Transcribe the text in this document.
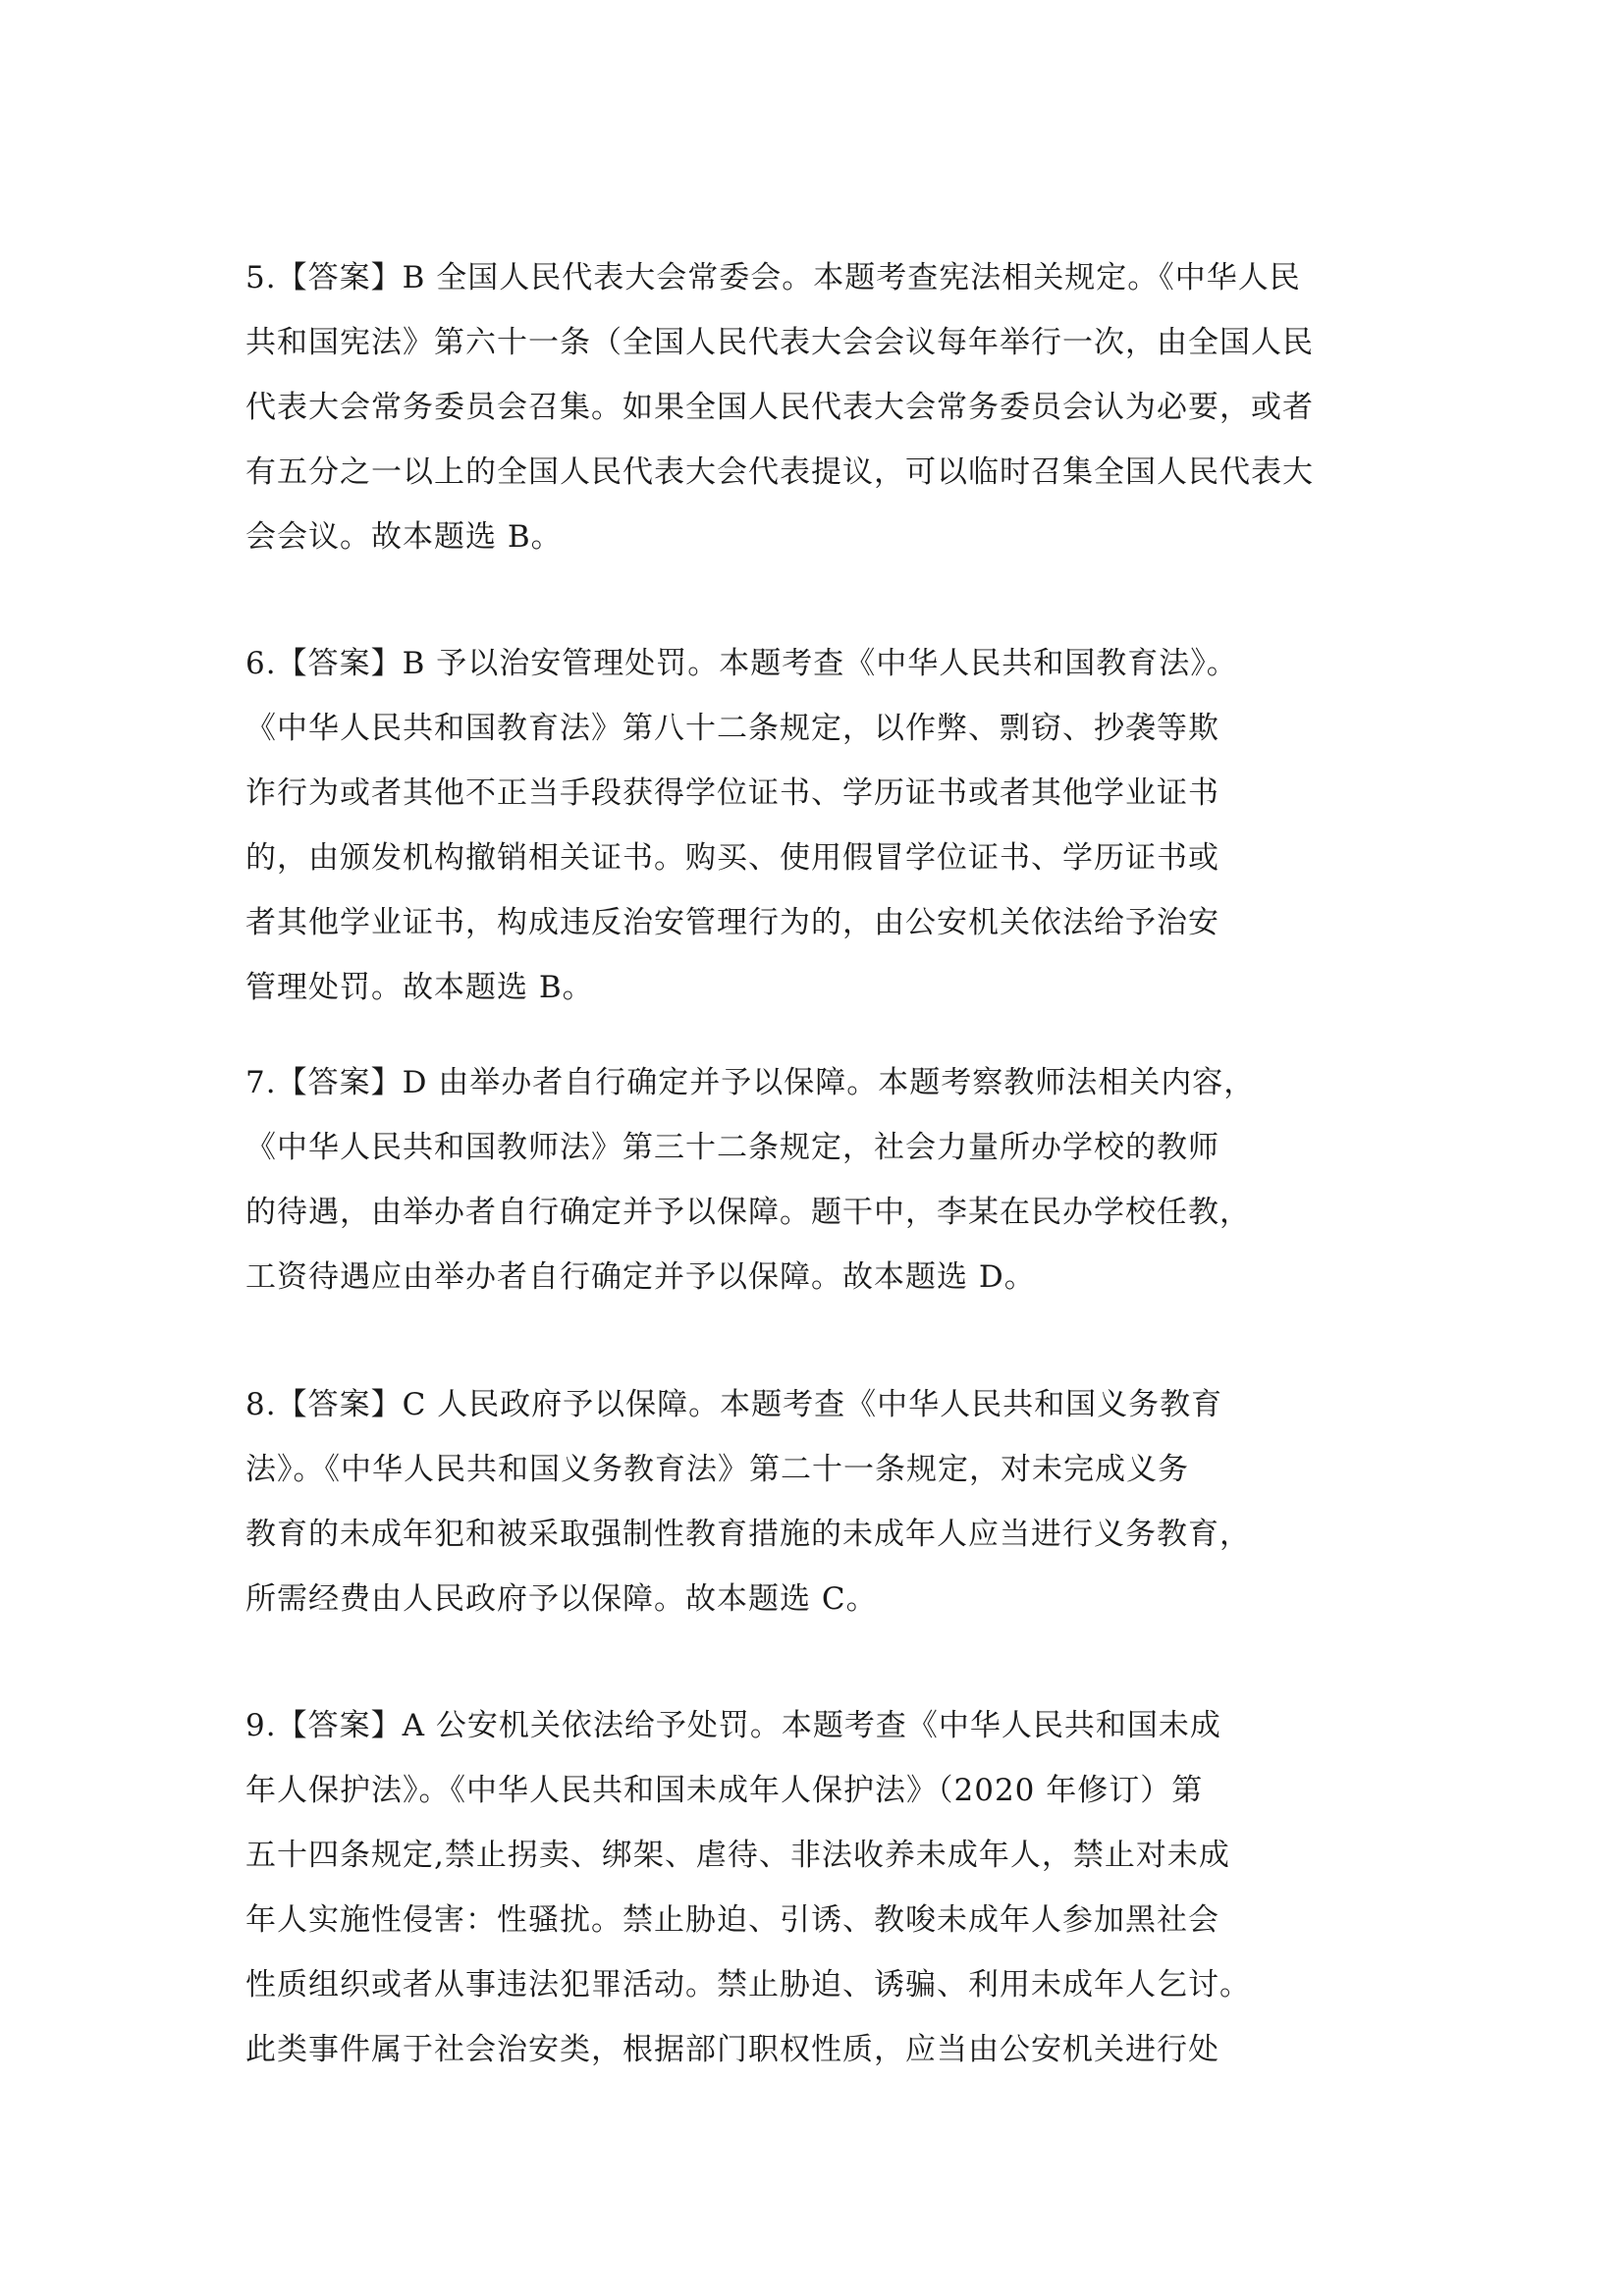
5.【答案】B 全国人民代表大会常委会。本题考查宪法相关规定。《中华人民
共和国宪法》第六十一条（全国人民代表大会会议每年举行一次，由全国人民
代表大会常务委员会召集。如果全国人民代表大会常务委员会认为必要，或者
有五分之一以上的全国人民代表大会代表提议，可以临时召集全国人民代表大
会会议。故本题选 B。
6.【答案】B 予以治安管理处罚。本题考查《中华人民共和国教育法》。
《中华人民共和国教育法》第八十二条规定，以作弊、剽窃、抄袭等欺
诈行为或者其他不正当手段获得学位证书、学历证书或者其他学业证书
的，由颁发机构撤销相关证书。购买、使用假冒学位证书、学历证书或
者其他学业证书，构成违反治安管理行为的，由公安机关依法给予治安
管理处罚。故本题选 B。
7.【答案】D 由举办者自行确定并予以保障。本题考察教师法相关内容，
《中华人民共和国教师法》第三十二条规定，社会力量所办学校的教师
的待遇，由举办者自行确定并予以保障。题干中，李某在民办学校任教，
工资待遇应由举办者自行确定并予以保障。故本题选 D。
8.【答案】C 人民政府予以保障。本题考查《中华人民共和国义务教育
法》。《中华人民共和国义务教育法》第二十一条规定，对未完成义务
教育的未成年犯和被采取强制性教育措施的未成年人应当进行义务教育，
所需经费由人民政府予以保障。故本题选 C。
9.【答案】A 公安机关依法给予处罚。本题考查《中华人民共和国未成
年人保护法》。《中华人民共和国未成年人保护法》（2020 年修订）第
五十四条规定,禁止拐卖、绑架、虐待、非法收养未成年人，禁止对未成
年人实施性侵害：性骚扰。禁止胁迫、引诱、教唆未成年人参加黑社会
性质组织或者从事违法犯罪活动。禁止胁迫、诱骗、利用未成年人乞讨。
此类事件属于社会治安类，根据部门职权性质，应当由公安机关进行处
